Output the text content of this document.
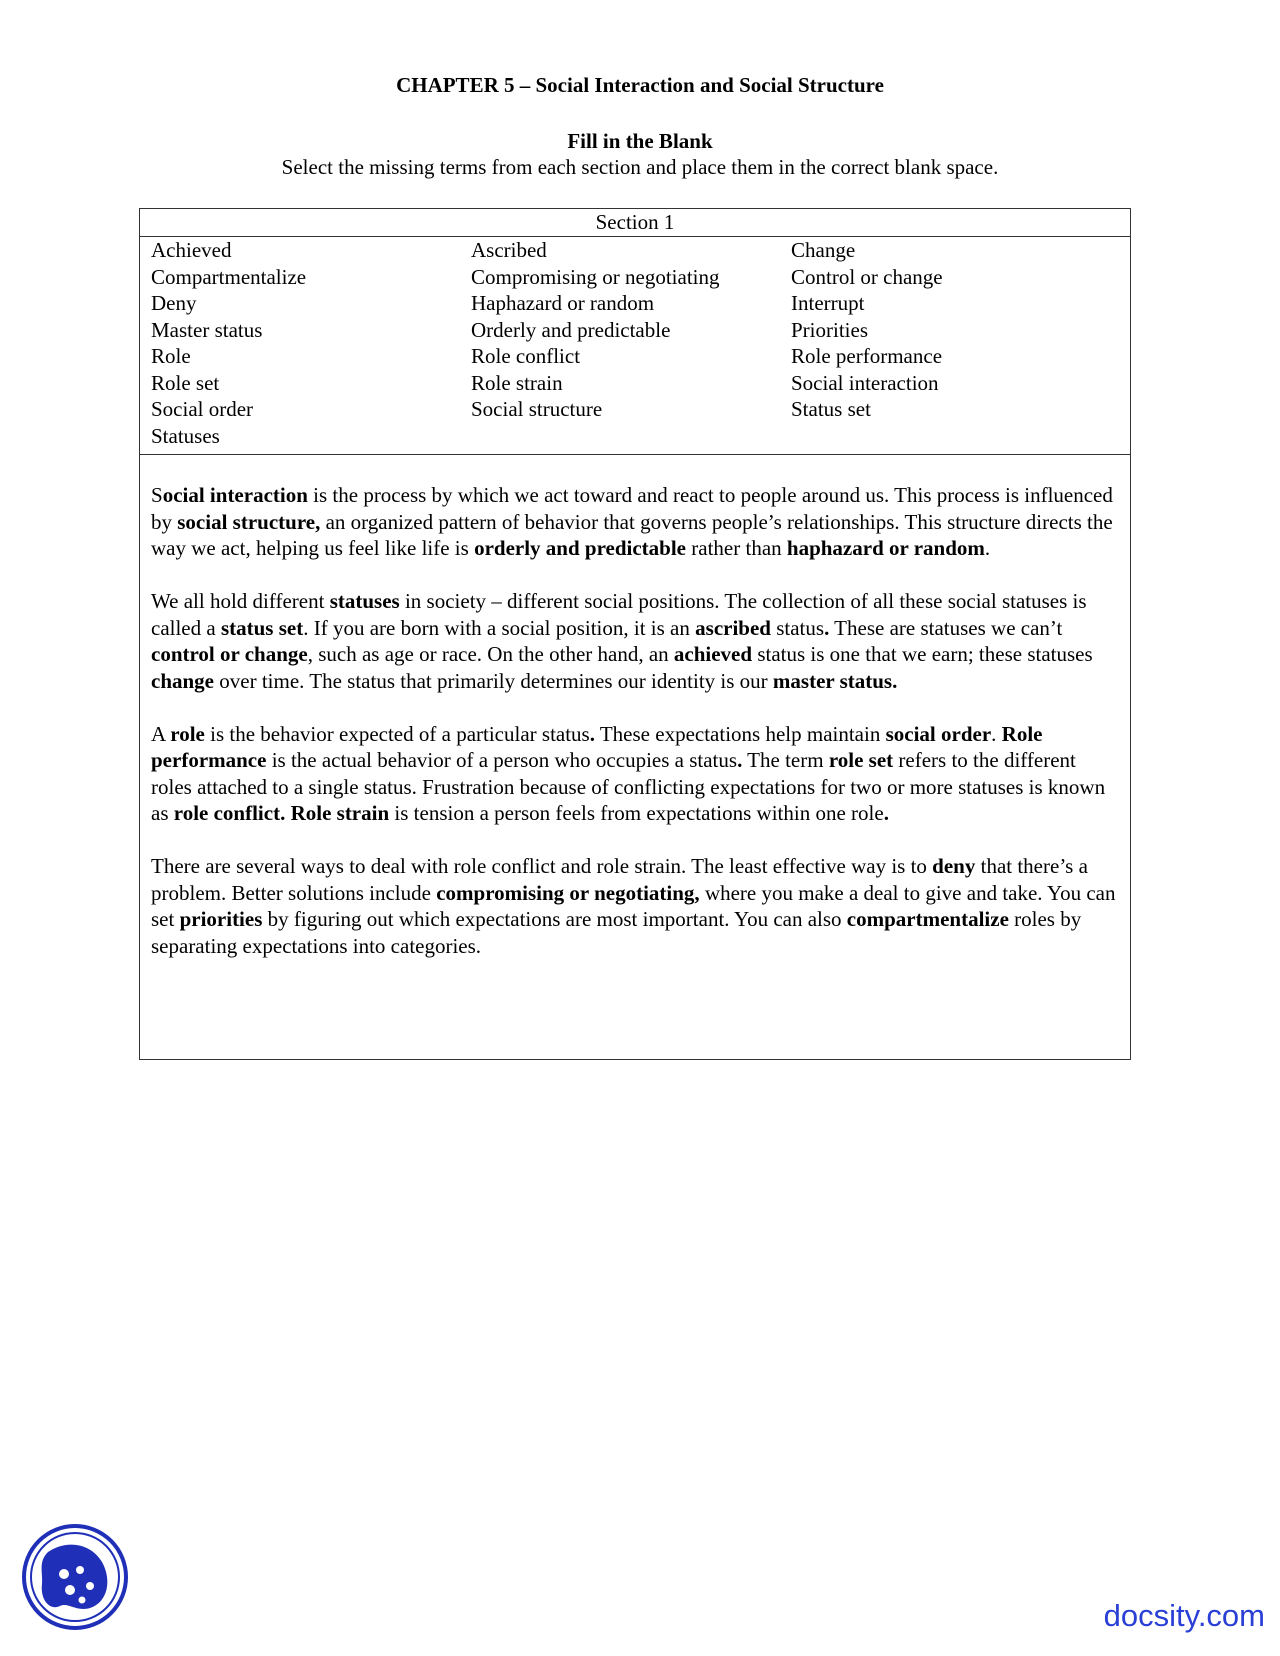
CHAPTER 5 – Social Interaction and Social Structure
Fill in the Blank
Select the missing terms from each section and place them in the correct blank space.
Section 1
Achieved	Ascribed	Change
Compartmentalize	Compromising or negotiating	Control or change
Deny	Haphazard or random	Interrupt
Master status	Orderly and predictable	Priorities
Role	Role conflict	Role performance
Role set	Role strain	Social interaction
Social order	Social structure	Status set
Statuses

Social interaction is the process by which we act toward and react to people around us. This process is influenced by social structure, an organized pattern of behavior that governs people’s relationships. This structure directs the way we act, helping us feel like life is orderly and predictable rather than haphazard or random.

We all hold different statuses in society – different social positions. The collection of all these social statuses is called a status set. If you are born with a social position, it is an ascribed status. These are statuses we can’t control or change, such as age or race. On the other hand, an achieved status is one that we earn; these statuses change over time. The status that primarily determines our identity is our master status.

A role is the behavior expected of a particular status. These expectations help maintain social order. Role performance is the actual behavior of a person who occupies a status. The term role set refers to the different roles attached to a single status. Frustration because of conflicting expectations for two or more statuses is known as role conflict. Role strain is tension a person feels from expectations within one role.

There are several ways to deal with role conflict and role strain. The least effective way is to deny that there’s a problem. Better solutions include compromising or negotiating, where you make a deal to give and take. You can set priorities by figuring out which expectations are most important. You can also compartmentalize roles by separating expectations into categories.

docsity.com
